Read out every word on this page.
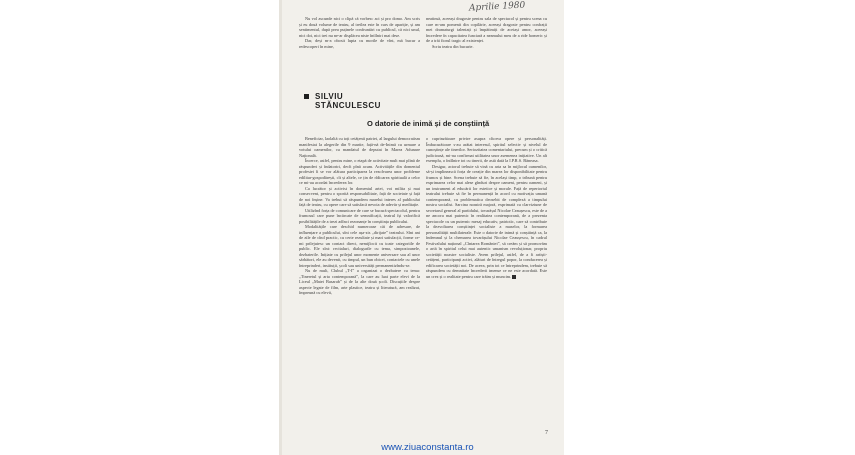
Aprilie 1980

Nu vol ascunde nici o clipă că vorbesc aci și pro domo. Am scris și eu două volume de teatru, al treilea este în curs de apariție, și am sentimentul, după prea puținele confruntări cu publicul, că nici unul, nici doi, nici trei nu ne-ar displăcea niste întîlniri mai dese.

Dar, deși m-a obosit lupta cu morile de vînt, mă bucur a redescoperi în mine,

neatinsă, aceeași dragoste pentru sala de spectacol și pentru scena cu care m-am pomenit din copilărie, aceeași dragoste pentru confrații mei dramaturgi talentați și împătimiți de aceiași amor, aceeași încredere în capacitatea funciară a neamului meu de a ride homeric și de a trăi fiorul tragic al existenței.

Scriu teatru din bucurie.

SILVIU
STĂNCULESCU
O datorie de inimă și de conștiință

Beneficiar, laolaltă cu toți cetățenii patriei, al largului democratism manifestat la alegerile din 9 martie, față-nă de-Inimă cu urmare a votului oamenilor, cu mandatul de deputat în Marea Adunare Națională.

Încerce, astfel, pentru mine, o etapă de activitate mult mai plină de răspunderi și îndatoriri, decît pînă acum. Activitățile din domeniul profesiei îi se vor alătura participarea la rezolvarea unor probleme edilitar-gospodărești, cît și altele, ce țin de rîdicarea spirituală a celor ce mi-au acordat încrederea lor.

Ca lucrător și activist în domeniul artei, voi milita și mai consecvent, pentru o sporită responsabilitate, față de societate și față de noi înșine. Va trebui să răspundem marelui interes al publicului față de teatru, cu opere care să satisfacă nevoia de adevăr și meditație.

Utilizînd forța de comunicare de care se bucură spectacolul, pentru frumosul care pune încărcate de semnificații, teatrul își valorifică posibilitățile de a trezi adînci rezonanțe în conștiința publicului.

Modalitățile care deschid numeroase căi de adresare, de influențare a publicului, sînt cele așa-zis „dirijate” teatrului. Sînt ani de zile de cînd practic, cu certe rezultate și mari satisfacții, forme ce-mi prilejuiesc un contact direct, nemijlocit cu toate categoriile de public. Ele sînt: recitaluri, dialogurile cu tema, simpozioanele, dezbaterile. Inițiate cu prilejul unor momente aniversare sau al unor sărbători, ele au devenit, cu timpul, un bun obicei, contactele cu unele întreprinderi, instituții, școli sau universități permanentizîndu-se.

Nu de mult, Clubul „T-I” a organizat o dezbatere cu tema: „Tineretul și arta contemporană”, la care au luat parte elevi de la Liceul „Matei Basarab” și de la alte două școli. Discuțiile despre aspecte legate de film, arte plastice, teatru și literatură, am realizat, împreună cu elevii,

o cuprinzătoare privire asupra cîtorva opere și personalități. Îmbucurătoare s-au arătat interesul, spiritul selectiv și nivelul de cunoștințe ale tinerilor. Seriozitatea comentariului, precum și o critică judicioasă, mi-au confirmat utilitatea unor asemenea inițiative. Un alt exemplu, o întîlnire tot cu tinerii, de astă dată la I.P.R.S. Băneasa.

Desigur, actorul trebuie să vină cu arta sa în mijlocul oamenilor, să-și implinească forța de creație din marea lor disponibilitate pentru frumos și bine. Scena trebuie să fie, în același timp, o tribună pentru exprimarea celor mai alese gînduri despre oameni, pentru oameni, și un instrument al educării lor estetice și morale. Față de repertoriul teatrului trebuie să fie în permanență în acord cu motivația umană contemporană, cu problematica deosebit de complexă a timpului nostru socialist. Sarcina noastră majoră, exprimată cu clarviziune de secretarul general al partidului, tovarășul Nicolae Ceaușescu, este de a ne ancora mai puternic în realitatea contemporană, de a prezenta spectacole cu un puternic mesaj educativ, patriotic, care să contribuie la dezvoltarea conștiinței socialiste a maselor, la formarea personalității multilaterale. Este o datorie de inimă și conștiință ca, la îndemnul și la chemarea tovarășului Nicolae Ceaușescu, în cadrul Festivalului național „Cîntarea României”, să creăm și să promovăm o artă în spiritul celui mai autentic umanism revoluționar, propriu societății noastre socialiste. Avem prilejul, astfel, de a fi artiști-cetățeni, participanți activi, alături de întregul popor, la conducerea și edificarea societății noi. De aceea, prin tot ce întreprindem, trebuie să răspundem cu demnitate încrederii imense ce ne este acordată. Este un crez și o realitate pentru care trăim și muncim.

7
www.ziuaconstanta.ro
